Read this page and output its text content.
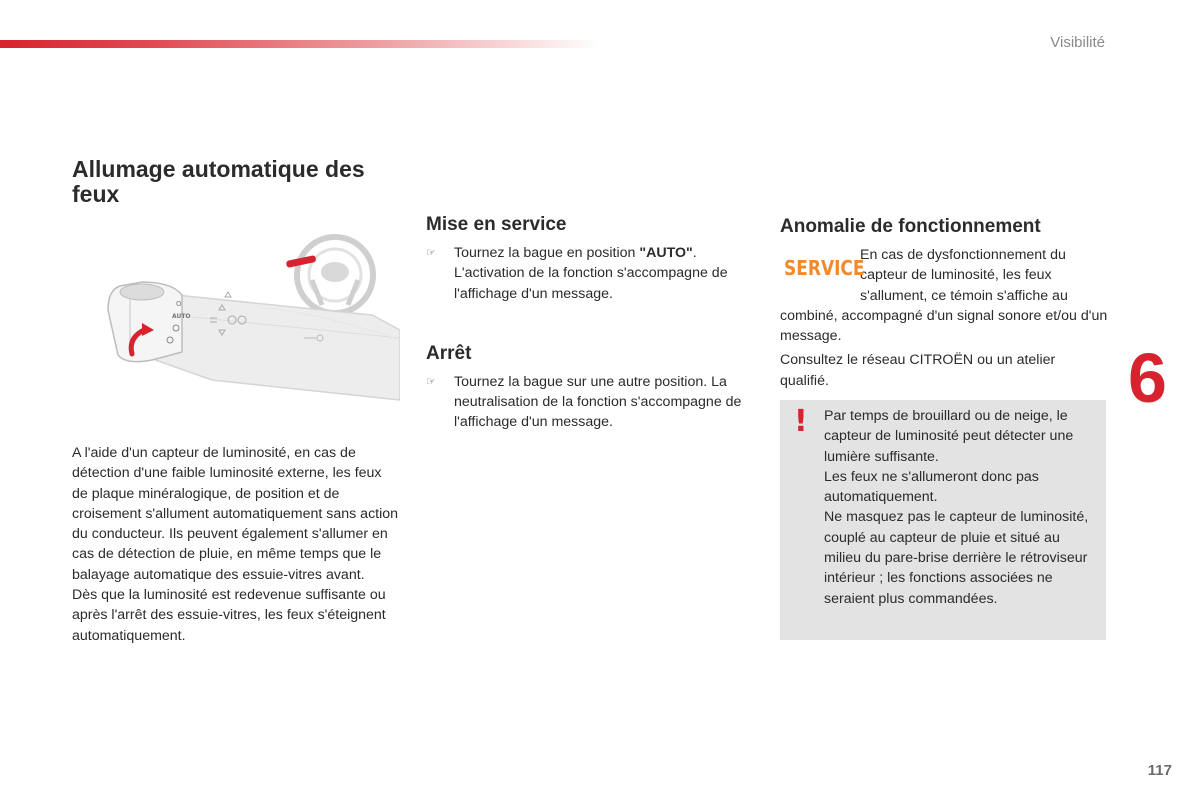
Visibilité
Allumage automatique des feux
O
AUTO

A l'aide d'un capteur de luminosité, en cas de détection d'une faible luminosité externe, les feux de plaque minéralogique, de position et de croisement s'allument automatiquement sans action du conducteur. Ils peuvent également s'allumer en cas de détection de pluie, en même temps que le balayage automatique des essuie-vitres avant.

Dès que la luminosité est redevenue suffisante ou après l'arrêt des essuie-vitres, les feux s'éteignent automatiquement.

Mise en service
☞ Tournez la bague en position "AUTO". L'activation de la fonction s'accompagne de l'affichage d'un message.
Arrêt
☞ Tournez la bague sur une autre position. La neutralisation de la fonction s'accompagne de l'affichage d'un message.
Anomalie de fonctionnement
SERVICE
En cas de dysfonctionnement du capteur de luminosité, les feux s'allument, ce témoin s'affiche au
combiné, accompagné d'un signal sonore et/ou d'un message.
Consultez le réseau CITROËN ou un atelier qualifié.
! Par temps de brouillard ou de neige, le capteur de luminosité peut détecter une lumière suffisante.

Les feux ne s'allumeront donc pas automatiquement.

Ne masquez pas le capteur de luminosité, couplé au capteur de pluie et situé au milieu du pare-brise derrière le rétroviseur intérieur ; les fonctions associées ne seraient plus commandées.

6
117
